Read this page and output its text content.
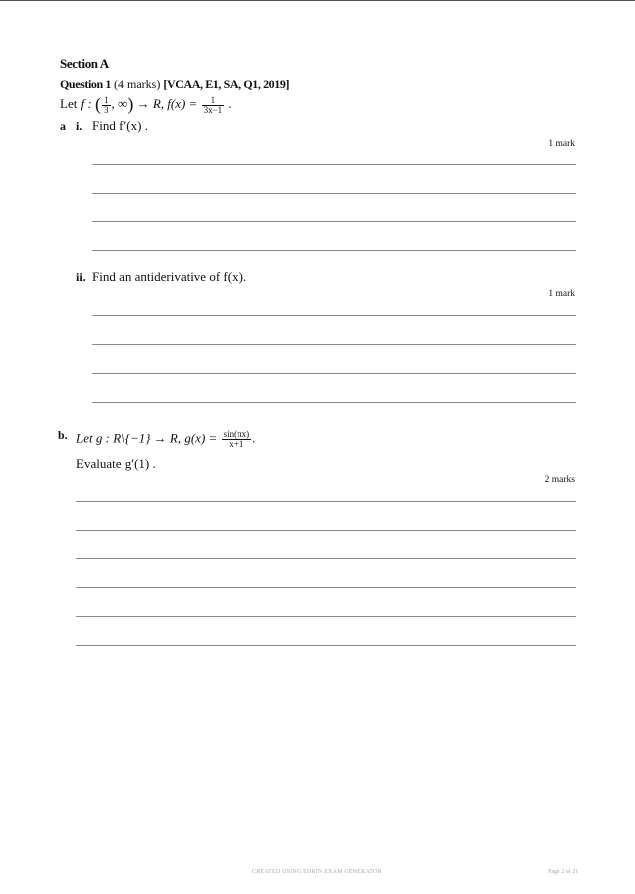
Section A
Question 1 (4 marks) [VCAA, E1, SA, Q1, 2019]
Let f : ( $\frac{1}{3}$ , ∞) → R, $f(x) = \frac{1}{3x-1}$ .
a i. Find f′(x) .
1 mark
ii. Find an antiderivative of f(x).
1 mark
b. Let g : R\{−1} → R, $g(x) = \frac{\sin(\pi x)}{x+1}$ .
Evaluate g′(1) .
2 marks
CREATED USING EDRIN EXAM GENERATOR	Page 2 of 21
